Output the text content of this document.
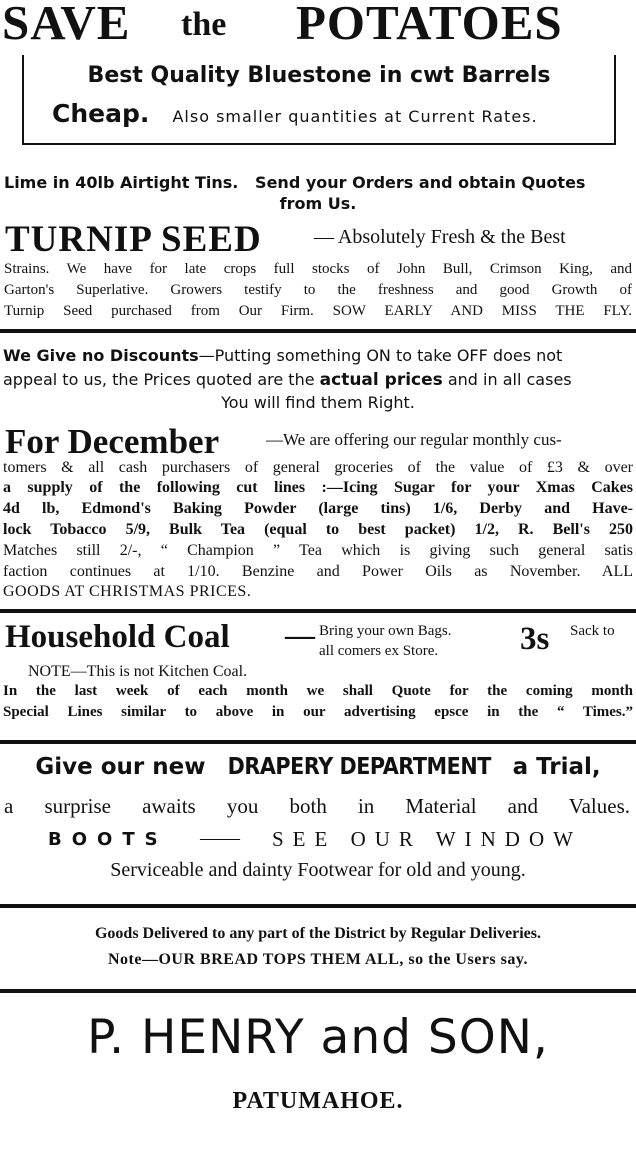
SAVE the POTATOES
Best Quality Bluestone in cwt Barrels
Cheap. Also smaller quantities at Current Rates.
Lime in 40lb Airtight Tins.   Send your Orders and obtain Quotes
from Us.
TURNIP SEED	— Absolutely Fresh & the Best
Strains. We have for late crops full stocks of John Bull, Crimson King, and
Garton's Superlative. Growers testify to the freshness and good Growth of
Turnip Seed purchased from Our Firm. SOW EARLY AND MISS THE FLY.
We Give no Discounts—Putting something ON to take OFF does not
appeal to us, the Prices quoted are the actual prices and in all cases
You will find them Right.
For December	—We are offering our regular monthly cus-
tomers & all cash purchasers of general groceries of the value of £3 & over
a supply of the following cut lines :—Icing Sugar for your Xmas Cakes
4d lb, Edmond's Baking Powder (large tins) 1/6, Derby and Have-
lock Tobacco 5/9, Bulk Tea (equal to best packet) 1/2, R. Bell's 250
Matches still 2/-, “ Champion ” Tea which is giving such general satis
faction continues at 1/10. Benzine and Power Oils as November. ALL
GOODS AT CHRISTMAS PRICES.
Household Coal — Bring your own Bags.
all comers ex Store. 3s Sack to
NOTE—This is not Kitchen Coal.
In the last week of each month we shall Quote for the coming month
Special Lines similar to above in our advertising epsce in the “ Times.”
Give our new DRAPERY DEPARTMENT a Trial,
a surprise awaits you both in Material and Values.
BOOTS —— SEE OUR WINDOW
Serviceable and dainty Footwear for old and young.
Goods Delivered to any part of the District by Regular Deliveries.
Note—OUR BREAD TOPS THEM ALL, so the Users say.
P. HENRY and SON,
PATUMAHOE.
